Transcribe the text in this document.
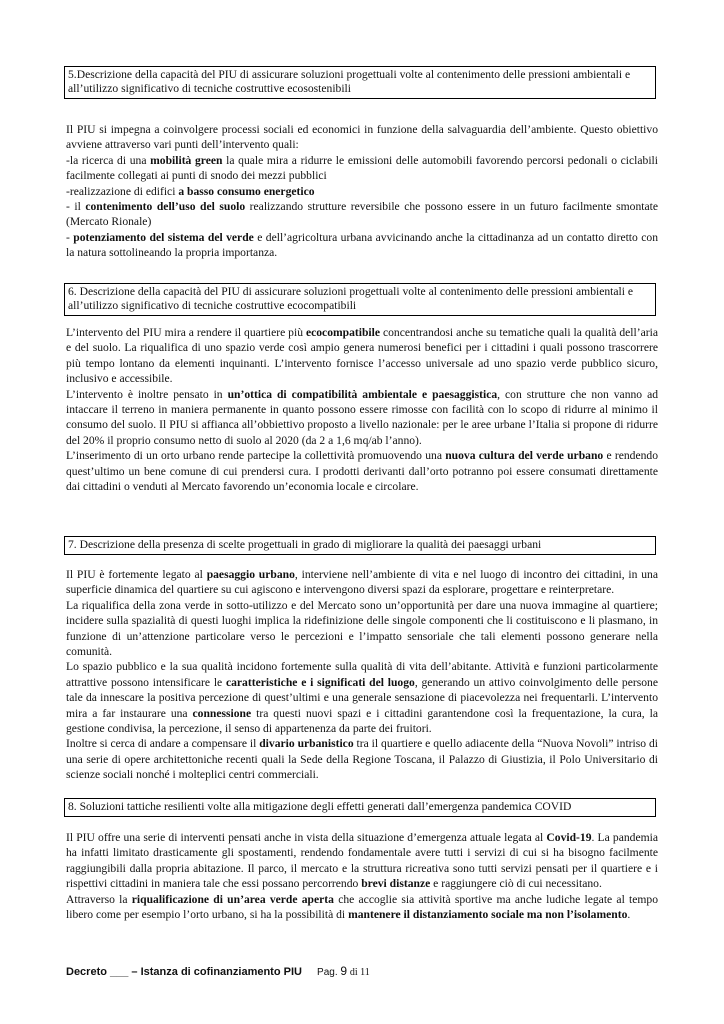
5.Descrizione della capacità del PIU di assicurare soluzioni progettuali volte al contenimento delle pressioni ambientali e all’utilizzo significativo di tecniche costruttive ecosostenibili

Il PIU si impegna a coinvolgere processi sociali ed economici in funzione della salvaguardia dell’ambiente. Questo obiettivo avviene attraverso vari punti dell’intervento quali:

-la ricerca di una mobilità green la quale mira a ridurre le emissioni delle automobili favorendo percorsi pedonali o ciclabili facilmente collegati ai punti di snodo dei mezzi pubblici

-realizzazione di edifici a basso consumo energetico

- il contenimento dell’uso del suolo realizzando strutture reversibile che possono essere in un futuro facilmente smontate (Mercato Rionale)

- potenziamento del sistema del verde e dell’agricoltura urbana avvicinando anche la cittadinanza ad un contatto diretto con la natura sottolineando la propria importanza.

6. Descrizione della capacità del PIU di assicurare soluzioni progettuali volte al contenimento delle pressioni ambientali e all’utilizzo significativo di tecniche costruttive ecocompatibili

L’intervento del PIU mira a rendere il quartiere più ecocompatibile concentrandosi anche su tematiche quali la qualità dell’aria e del suolo. La riqualifica di uno spazio verde così ampio genera numerosi benefici per i cittadini i quali possono trascorrere più tempo lontano da elementi inquinanti. L’intervento fornisce l’accesso universale ad uno spazio verde pubblico sicuro, inclusivo e accessibile.

L’intervento è inoltre pensato in un’ottica di compatibilità ambientale e paesaggistica, con strutture che non vanno ad intaccare il terreno in maniera permanente in quanto possono essere rimosse con facilità con lo scopo di ridurre al minimo il consumo del suolo. Il PIU si affianca all’obbiettivo proposto a livello nazionale: per le aree urbane l’Italia si propone di ridurre del 20% il proprio consumo netto di suolo al 2020 (da 2 a 1,6 mq/ab l’anno).

L’inserimento di un orto urbano rende partecipe la collettività promuovendo una nuova cultura del verde urbano e rendendo quest’ultimo un bene comune di cui prendersi cura. I prodotti derivanti dall’orto potranno poi essere consumati direttamente dai cittadini o venduti al Mercato favorendo un’economia locale e circolare.

7. Descrizione della presenza di scelte progettuali in grado di migliorare la qualità dei paesaggi urbani

Il PIU è fortemente legato al paesaggio urbano, interviene nell’ambiente di vita e nel luogo di incontro dei cittadini, in una superficie dinamica del quartiere su cui agiscono e intervengono diversi spazi da esplorare, progettare e reinterpretare.

La riqualifica della zona verde in sotto-utilizzo e del Mercato sono un’opportunità per dare una nuova immagine al quartiere; incidere sulla spazialità di questi luoghi implica la ridefinizione delle singole componenti che li costituiscono e li plasmano, in funzione di un’attenzione particolare verso le percezioni e l’impatto sensoriale che tali elementi possono generare nella comunità.

Lo spazio pubblico e la sua qualità incidono fortemente sulla qualità di vita dell’abitante. Attività e funzioni particolarmente attrattive possono intensificare le caratteristiche e i significati del luogo, generando un attivo coinvolgimento delle persone tale da innescare la positiva percezione di quest’ultimi e una generale sensazione di piacevolezza nei frequentarli. L’intervento mira a far instaurare una connessione tra questi nuovi spazi e i cittadini garantendone così la frequentazione, la cura, la gestione condivisa, la percezione, il senso di appartenenza da parte dei fruitori.

Inoltre si cerca di andare a compensare il divario urbanistico tra il quartiere e quello adiacente della “Nuova Novoli” intriso di una serie di opere architettoniche recenti quali la Sede della Regione Toscana, il Palazzo di Giustizia, il Polo Universitario di scienze sociali nonché i molteplici centri commerciali.

8. Soluzioni tattiche resilienti volte alla mitigazione degli effetti generati dall’emergenza pandemica COVID

Il PIU offre una serie di interventi pensati anche in vista della situazione d’emergenza attuale legata al Covid-19. La pandemia ha infatti limitato drasticamente gli spostamenti, rendendo fondamentale avere tutti i servizi di cui si ha bisogno facilmente raggiungibili dalla propria abitazione. Il parco, il mercato e la struttura ricreativa sono tutti servizi pensati per il quartiere e i rispettivi cittadini in maniera tale che essi possano percorrendo brevi distanze e raggiungere ciò di cui necessitano.

Attraverso la riqualificazione di un’area verde aperta che accoglie sia attività sportive ma anche ludiche legate al tempo libero come per esempio l’orto urbano, si ha la possibilità di mantenere il distanziamento sociale ma non l’isolamento.

Decreto ___ – Istanza di cofinanziamento PIU Pag. 9 di 11
